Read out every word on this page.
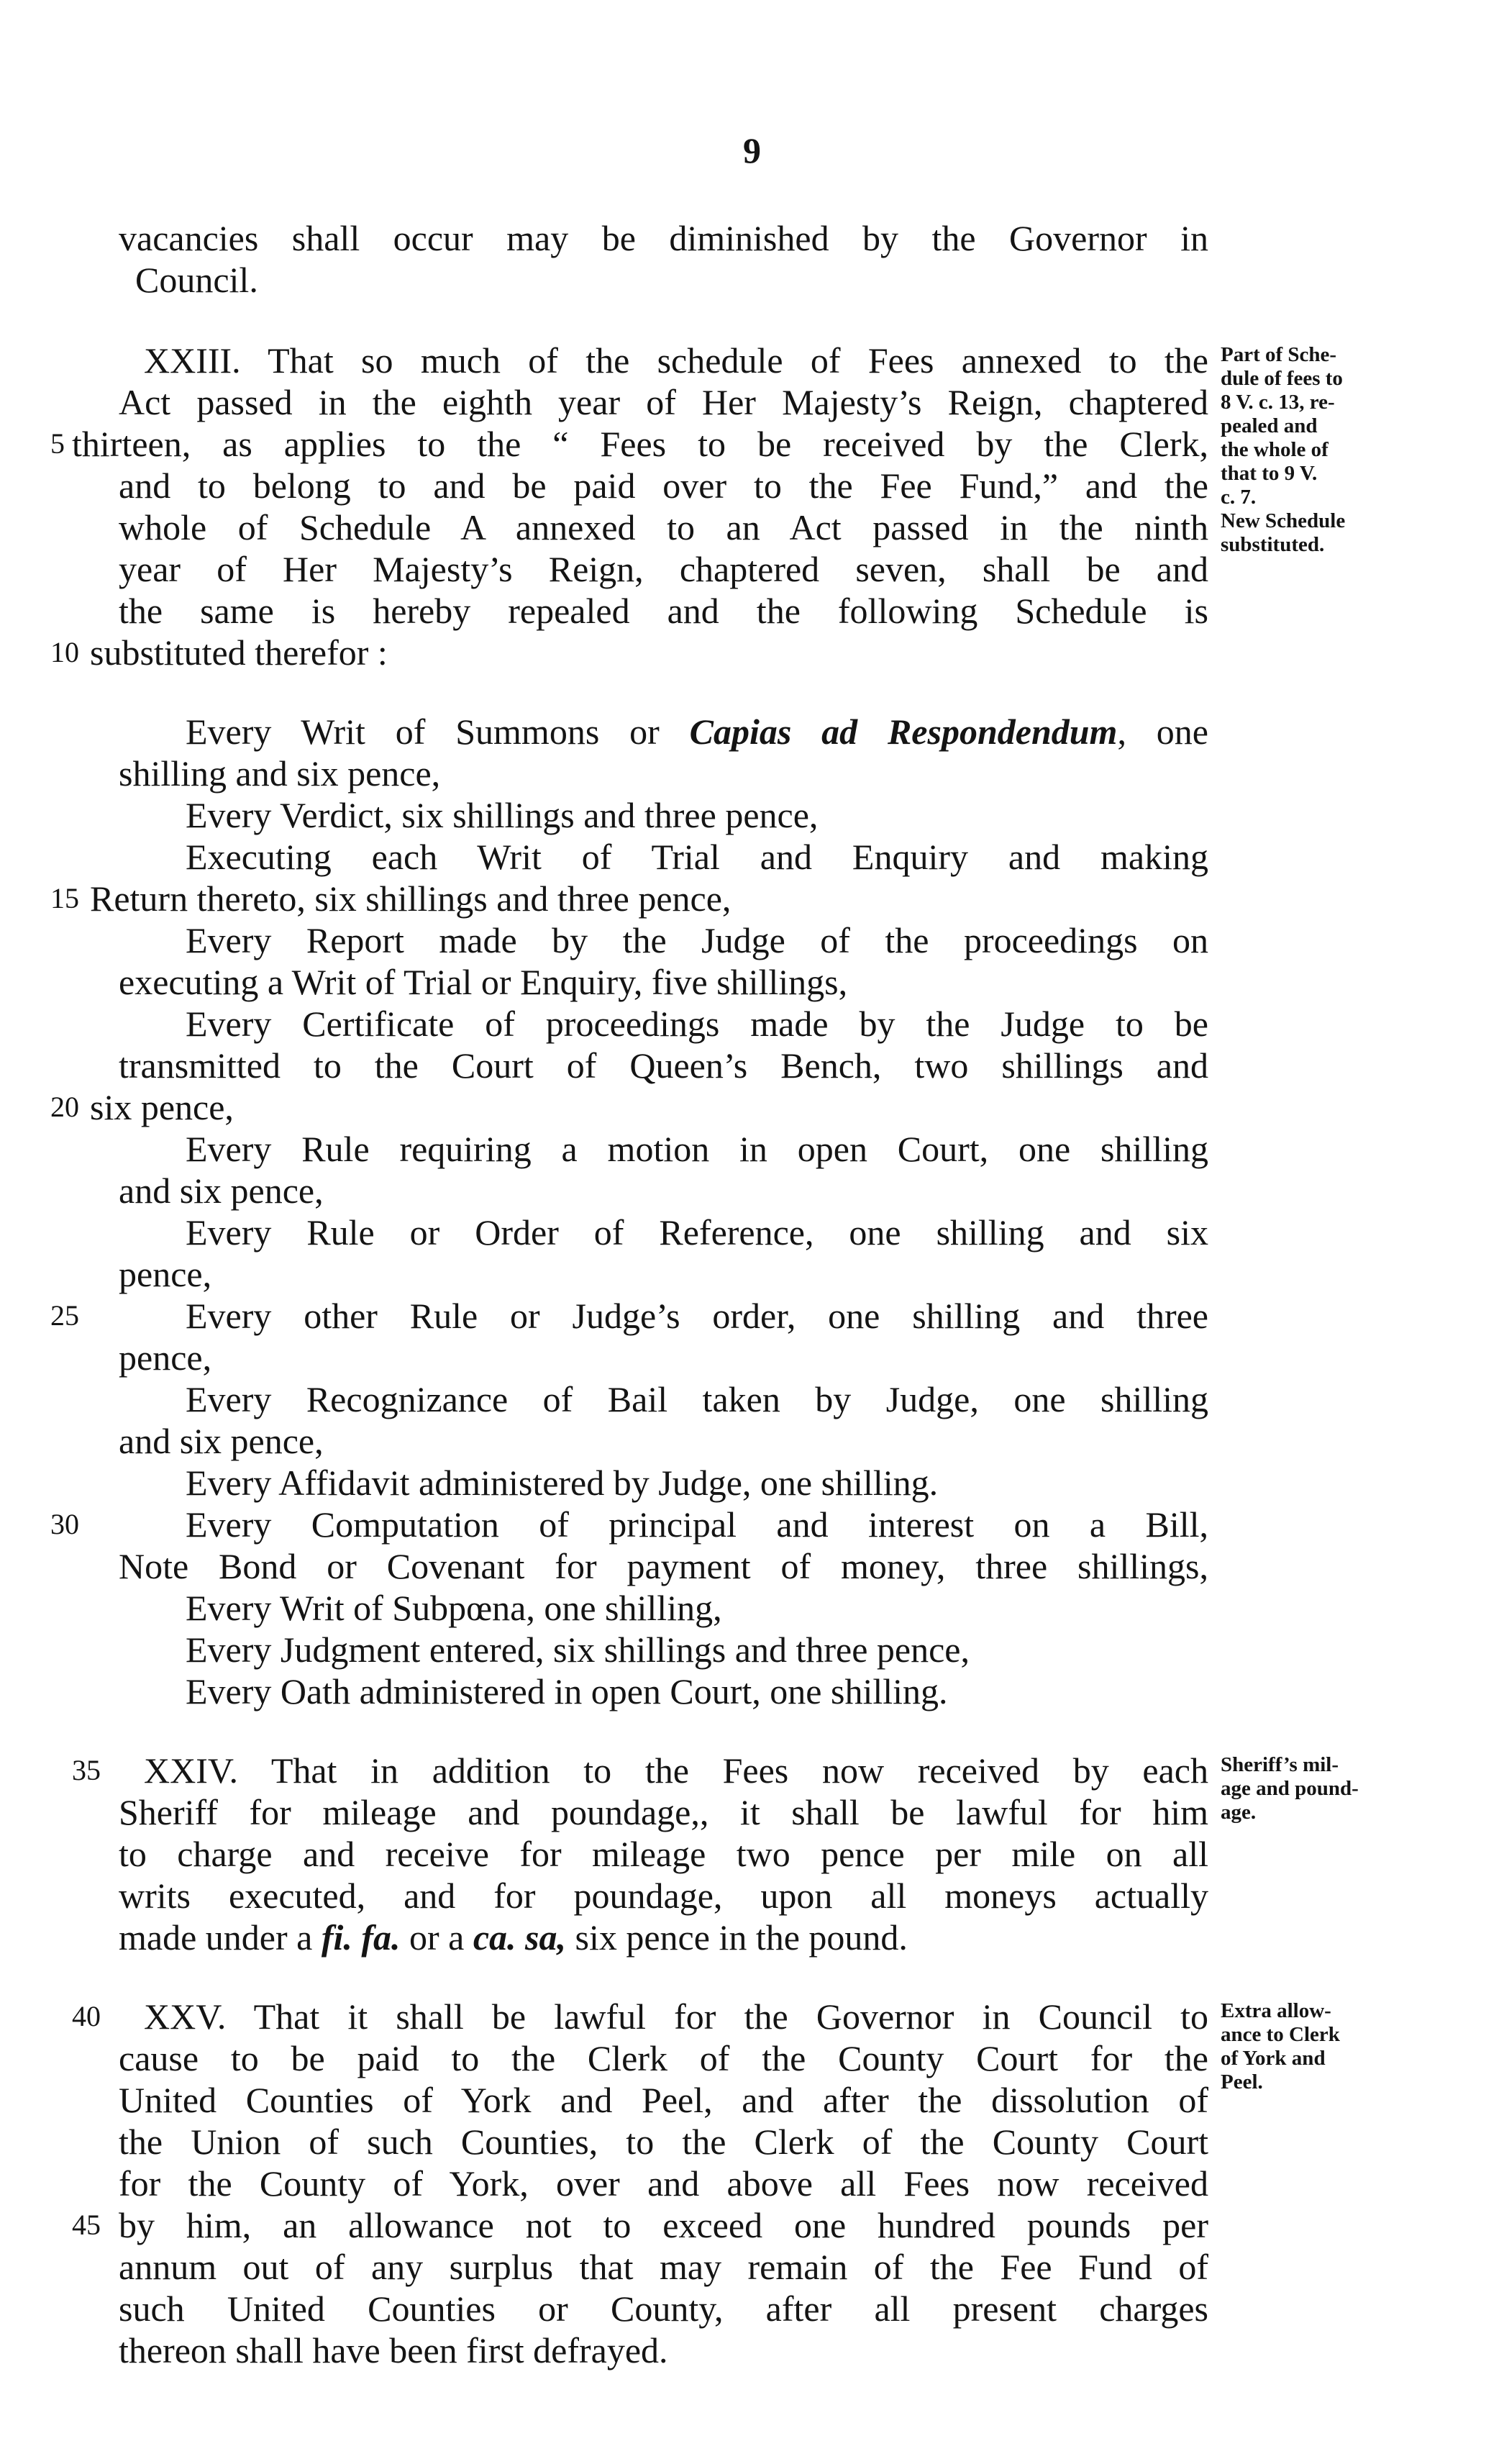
9
vacancies shall occur may be diminished by the Governor in
Council.
XXIII. That so much of the schedule of Fees annexed to the
Act passed in the eighth year of Her Majesty’s Reign, chaptered
5 thirteen, as applies to the “ Fees to be received by the Clerk,
and to belong to and be paid over to the Fee Fund,” and the
whole of Schedule A annexed to an Act passed in the ninth
year of Her Majesty’s Reign, chaptered seven, shall be and
the same is hereby repealed and the following Schedule is
10 substituted therefor :
Part of Sche-
dule of fees to
8 V. c. 13, re-
pealed and
the whole of
that to 9 V.
c. 7.
New Schedule
substituted.
Every Writ of Summons or Capias ad Respondendum, one
shilling and six pence,
Every Verdict, six shillings and three pence,
Executing each Writ of Trial and Enquiry and making
15 Return thereto, six shillings and three pence,
Every Report made by the Judge of the proceedings on
executing a Writ of Trial or Enquiry, five shillings,
Every Certificate of proceedings made by the Judge to be
transmitted to the Court of Queen’s Bench, two shillings and
20 six pence,
Every Rule requiring a motion in open Court, one shilling
and six pence,
Every Rule or Order of Reference, one shilling and six
pence,
25	Every other Rule or Judge’s order, one shilling and three
pence,
Every Recognizance of Bail taken by Judge, one shilling
and six pence,
Every Affidavit administered by Judge, one shilling.
30	Every Computation of principal and interest on a Bill,
Note Bond or Covenant for payment of money, three shillings,
Every Writ of Subpœna, one shilling,
Every Judgment entered, six shillings and three pence,
Every Oath administered in open Court, one shilling.
35 XXIV. That in addition to the Fees now received by each
Sheriff for mileage and poundage,, it shall be lawful for him
to charge and receive for mileage two pence per mile on all
writs executed, and for poundage, upon all moneys actually
made under a fi. fa. or a ca. sa, six pence in the pound.
Sheriff’s mil-
age and pound-
age.
40 XXV. That it shall be lawful for the Governor in Council to
cause to be paid to the Clerk of the County Court for the
United Counties of York and Peel, and after the dissolution of
the Union of such Counties, to the Clerk of the County Court
for the County of York, over and above all Fees now received
45 by him, an allowance not to exceed one hundred pounds per
annum out of any surplus that may remain of the Fee Fund of
such United Counties or County, after all present charges
thereon shall have been first defrayed.
Extra allow-
ance to Clerk
of York and
Peel.
